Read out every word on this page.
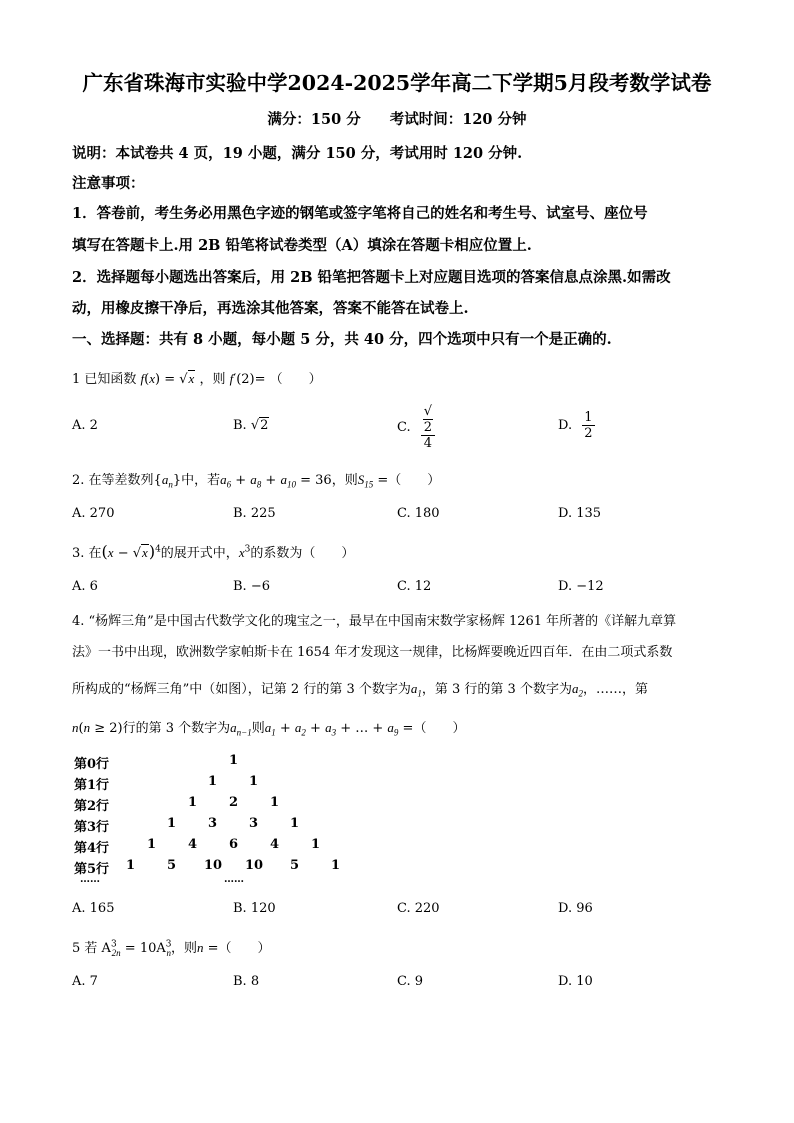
广东省珠海市实验中学2024-2025学年高二下学期5月段考数学试卷
满分：150 分　　考试时间：120 分钟
说明：本试卷共 4 页，19 小题，满分 150 分，考试用时 120 分钟.
注意事项：
1．答卷前，考生务必用黑色字迹的钢笔或签字笔将自己的姓名和考生号、试室号、座位号
填写在答题卡上.用 2B 铅笔将试卷类型（A）填涂在答题卡相应位置上.
2．选择题每小题选出答案后，用 2B 铅笔把答题卡上对应题目选项的答案信息点涂黑.如需改
动，用橡皮擦干净后，再选涂其他答案，答案不能答在试卷上.
一、选择题：共有 8 小题，每小题 5 分，共 40 分，四个选项中只有一个是正确的.
1 已知函数 f(x) = √x ，则 f′(2)= （　　）
A. 2	B. √2	C. √
2
4	D. $\frac{1}{2}$
2. 在等差数列$\{a_n\}$中，若$a_6 + a_8 + a_{10} = 36$，则$S_{15}$ =（　　）
A. 270	B. 225	C. 180	D. 135
3. 在$(x - √x)^4$的展开式中，$x^3$的系数为（　　）
A. 6	B. −6	C. 12	D. −12
4. “杨辉三角”是中国古代数学文化的瑰宝之一，最早在中国南宋数学家杨辉 1261 年所著的《详解九章算
法》一书中出现，欧洲数学家帕斯卡在 1654 年才发现这一规律，比杨辉要晚近四百年．在由二项式系数
所构成的“杨辉三角”中（如图），记第 2 行的第 3 个数字为$a_1$，第 3 行的第 3 个数字为$a_2$，……，第
n(n ≥ 2)行的第 3 个数字为$a_{n-1}$则$a_1 + a_2 + a_3$ + … + $a_9$ =（　　）
第0行
第1行
第2行
第3行
第4行
第5行
1
1 1
1 2 1
1 3 3 1
1 4 6 4 1
1 5 10 10 5 1
……	……
A. 165	B. 120	C. 220	D. 96
5 若 $A^3_{2n} = 10A^3_n$，则n =（　　）
A. 7	B. 8	C. 9	D. 10
